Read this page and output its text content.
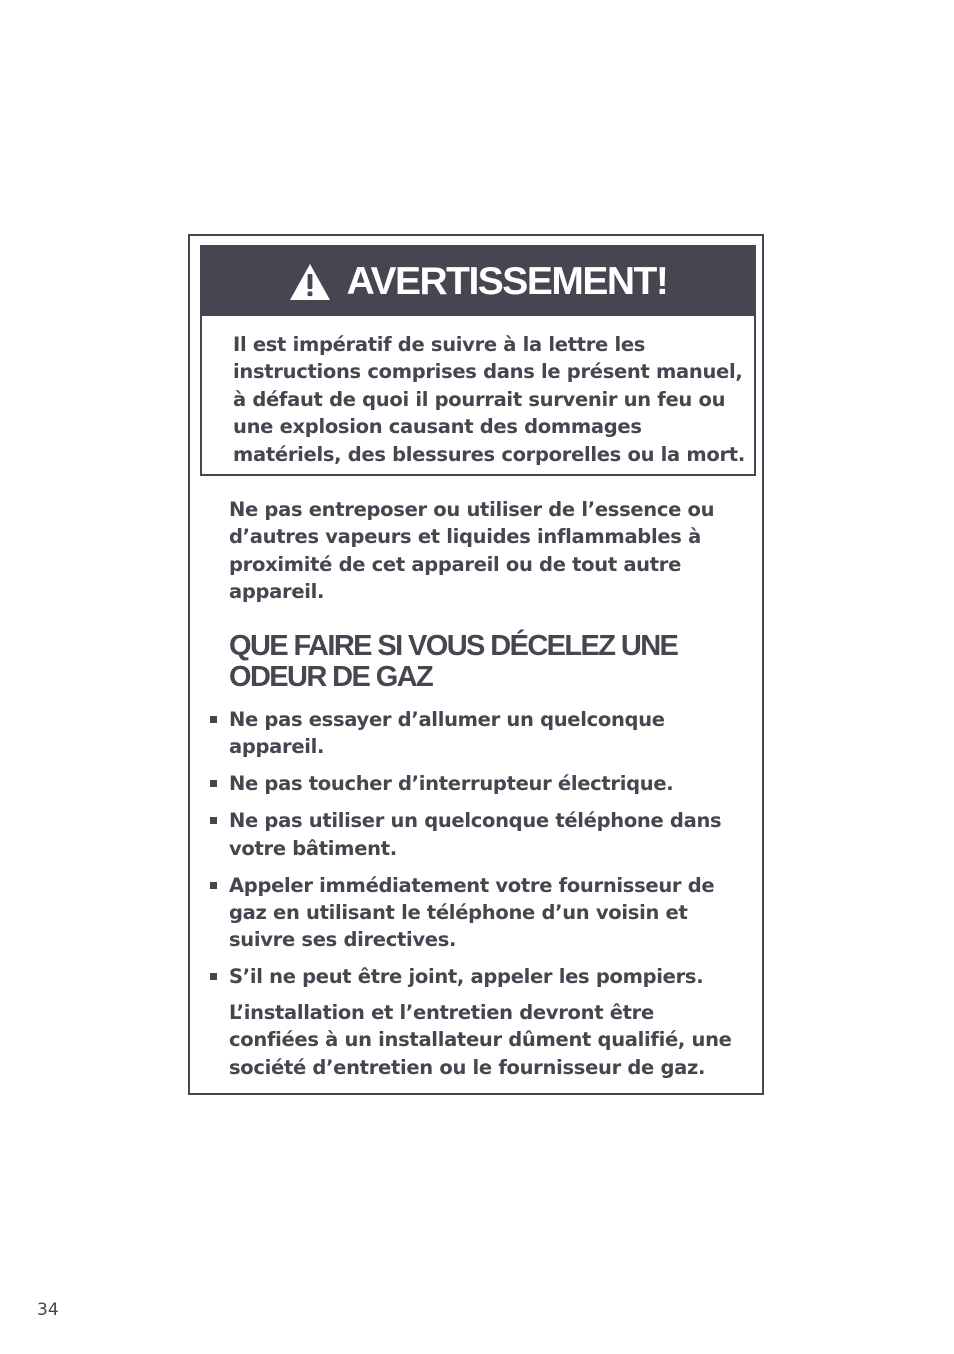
AVERTISSEMENT!
Il est impératif de suivre à la lettre les instructions comprises dans le présent manuel, à défaut de quoi il pourrait survenir un feu ou une explosion causant des dommages matériels, des blessures corporelles ou la mort.
Ne pas entreposer ou utiliser de l’essence ou d’autres vapeurs et liquides inflammables à proximité de cet appareil ou de tout autre appareil.
QUE FAIRE SI VOUS DÉCELEZ UNE
ODEUR DE GAZ
Ne pas essayer d’allumer un quelconque appareil.
Ne pas toucher d’interrupteur électrique.
Ne pas utiliser un quelconque téléphone dans votre bâtiment.
Appeler immédiatement votre fournisseur de gaz en utilisant le téléphone d’un voisin et suivre ses directives.
S’il ne peut être joint, appeler les pompiers.
L’installation et l’entretien devront être confiées à un installateur dûment qualifié, une société d’entretien ou le fournisseur de gaz.
34
